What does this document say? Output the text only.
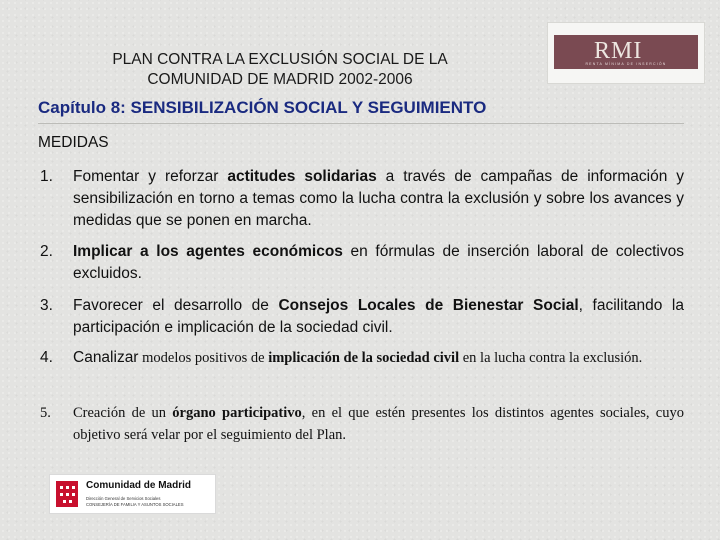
PLAN CONTRA LA EXCLUSIÓN SOCIAL DE LA
COMUNIDAD DE MADRID 2002-2006
RMI
RENTA MÍNIMA DE INSERCIÓN
Capítulo 8: SENSIBILIZACIÓN SOCIAL Y SEGUIMIENTO
MEDIDAS
1. Fomentar y reforzar actitudes solidarias a través de campañas de información y sensibilización en torno a temas como la lucha contra la exclusión y sobre los avances y medidas que se ponen en marcha.
2. Implicar a los agentes económicos en fórmulas de inserción laboral de colectivos excluidos.
3. Favorecer el desarrollo de Consejos Locales de Bienestar Social, facilitando la participación e implicación de la sociedad civil.
4. Canalizar modelos positivos de implicación de la sociedad civil en la lucha contra la exclusión.
5. Creación de un órgano participativo, en el que estén presentes los distintos agentes sociales, cuyo objetivo será velar por el seguimiento del Plan.
Comunidad de Madrid
Dirección General de Servicios Sociales
CONSEJERÍA DE FAMILIA Y ASUNTOS SOCIALES
